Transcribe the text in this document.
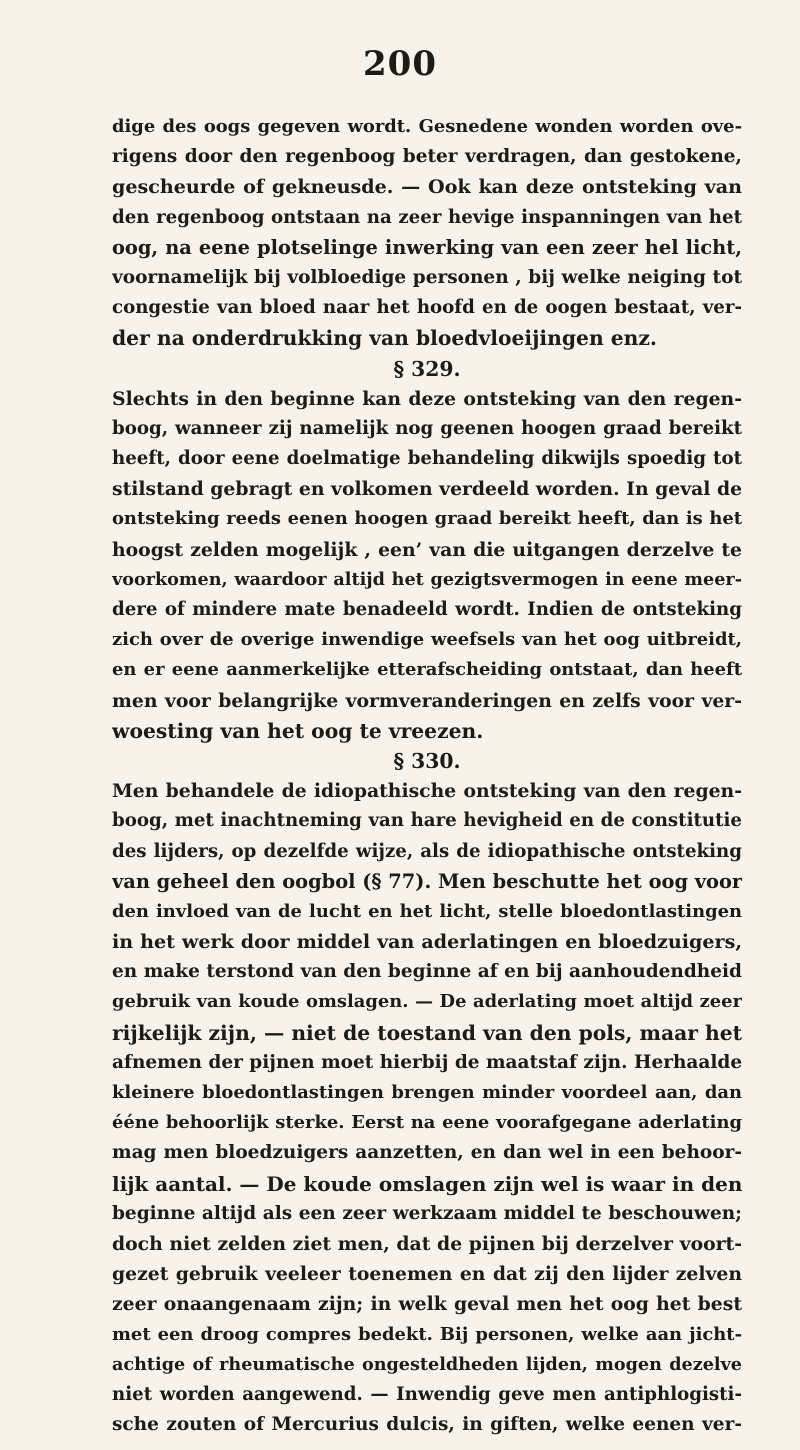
200
dige des oogs gegeven wordt. Gesnedene wonden worden ove-
rigens door den regenboog beter verdragen, dan gestokene,
gescheurde of gekneusde. — Ook kan deze ontsteking van
den regenboog ontstaan na zeer hevige inspanningen van het
oog, na eene plotselinge inwerking van een zeer hel licht,
voornamelijk bij volbloedige personen , bij welke neiging tot
congestie van bloed naar het hoofd en de oogen bestaat, ver-
der na onderdrukking van bloedvloeijingen enz.
§ 329.
Slechts in den beginne kan deze ontsteking van den regen-
boog, wanneer zij namelijk nog geenen hoogen graad bereikt
heeft, door eene doelmatige behandeling dikwijls spoedig tot
stilstand gebragt en volkomen verdeeld worden. In geval de
ontsteking reeds eenen hoogen graad bereikt heeft, dan is het
hoogst zelden mogelijk , een’ van die uitgangen derzelve te
voorkomen, waardoor altijd het gezigtsvermogen in eene meer-
dere of mindere mate benadeeld wordt. Indien de ontsteking
zich over de overige inwendige weefsels van het oog uitbreidt,
en er eene aanmerkelijke etterafscheiding ontstaat, dan heeft
men voor belangrijke vormveranderingen en zelfs voor ver-
woesting van het oog te vreezen.
§ 330.
Men behandele de idiopathische ontsteking van den regen-
boog, met inachtneming van hare hevigheid en de constitutie
des lijders, op dezelfde wijze, als de idiopathische ontsteking
van geheel den oogbol (§ 77). Men beschutte het oog voor
den invloed van de lucht en het licht, stelle bloedontlastingen
in het werk door middel van aderlatingen en bloedzuigers,
en make terstond van den beginne af en bij aanhoudendheid
gebruik van koude omslagen. — De aderlating moet altijd zeer
rijkelijk zijn, — niet de toestand van den pols, maar het
afnemen der pijnen moet hierbij de maatstaf zijn. Herhaalde
kleinere bloedontlastingen brengen minder voordeel aan, dan
ééne behoorlijk sterke. Eerst na eene voorafgegane aderlating
mag men bloedzuigers aanzetten, en dan wel in een behoor-
lijk aantal. — De koude omslagen zijn wel is waar in den
beginne altijd als een zeer werkzaam middel te beschouwen;
doch niet zelden ziet men, dat de pijnen bij derzelver voort-
gezet gebruik veeleer toenemen en dat zij den lijder zelven
zeer onaangenaam zijn; in welk geval men het oog het best
met een droog compres bedekt. Bij personen, welke aan jicht-
achtige of rheumatische ongesteldheden lijden, mogen dezelve
niet worden aangewend. — Inwendig geve men antiphlogisti-
sche zouten of Mercurius dulcis, in giften, welke eenen ver-
